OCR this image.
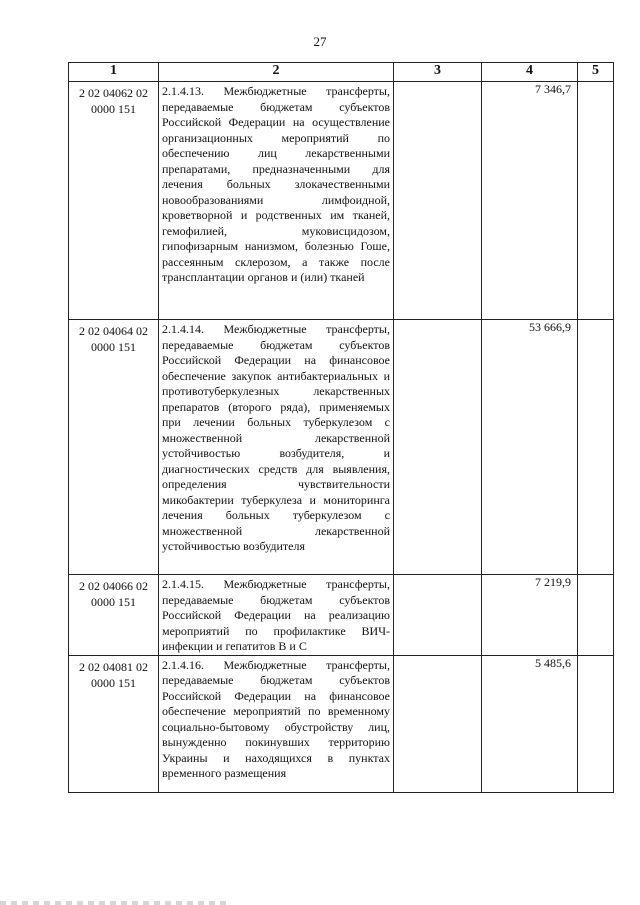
27
1	2	3	4	5
2 02 04062 02 0000 151	2.1.4.13. Межбюджетные трансферты, передаваемые бюджетам субъектов Российской Федерации на осуществление организационных мероприятий по обеспечению лиц лекарственными препаратами, предназначенными для лечения больных злокачественными новообразованиями лимфоидной, кроветворной и родственных им тканей, гемофилией, муковисцидозом, гипофизарным нанизмом, болезнью Гоше, рассеянным склерозом, а также после трансплантации органов и (или) тканей		7 346,7	
2 02 04064 02 0000 151	2.1.4.14. Межбюджетные трансферты, передаваемые бюджетам субъектов Российской Федерации на финансовое обеспечение закупок антибактериальных и противотуберкулезных лекарственных препаратов (второго ряда), применяемых при лечении больных туберкулезом с множественной лекарственной устойчивостью возбудителя, и диагностических средств для выявления, определения чувствительности микобактерии туберкулеза и мониторинга лечения больных туберкулезом с множественной лекарственной устойчивостью возбудителя		53 666,9	
2 02 04066 02 0000 151	2.1.4.15. Межбюджетные трансферты, передаваемые бюджетам субъектов Российской Федерации на реализацию мероприятий по профилактике ВИЧ-инфекции и гепатитов B и C		7 219,9	
2 02 04081 02 0000 151	2.1.4.16. Межбюджетные трансферты, передаваемые бюджетам субъектов Российской Федерации на финансовое обеспечение мероприятий по временному социально-бытовому обустройству лиц, вынужденно покинувших территорию Украины и находящихся в пунктах временного размещения		5 485,6	
